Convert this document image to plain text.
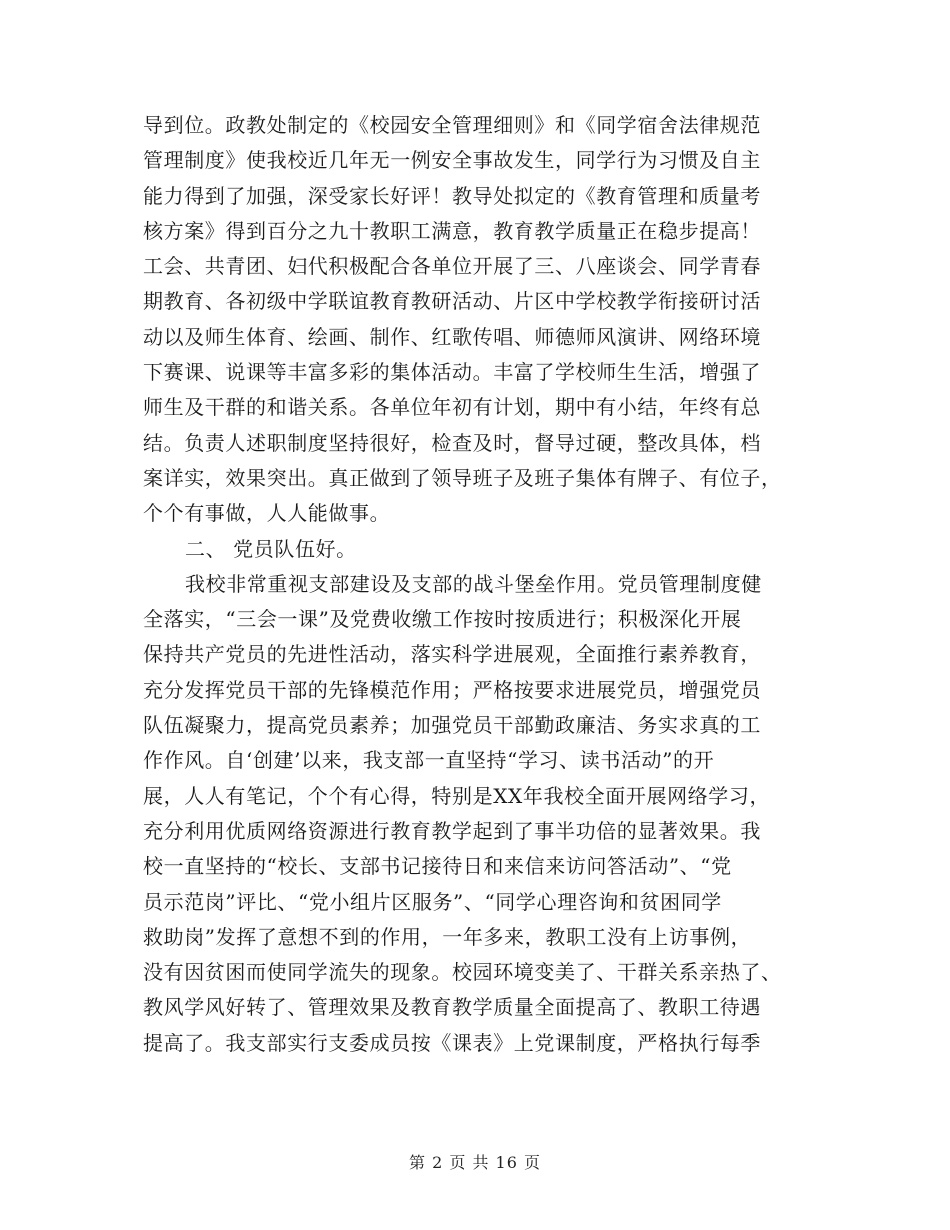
导到位。政教处制定的《校园安全管理细则》和《同学宿舍法律规范
管理制度》使我校近几年无一例安全事故发生，同学行为习惯及自主
能力得到了加强，深受家长好评！教导处拟定的《教育管理和质量考
核方案》得到百分之九十教职工满意，教育教学质量正在稳步提高！
工会、共青团、妇代积极配合各单位开展了三、八座谈会、同学青春
期教育、各初级中学联谊教育教研活动、片区中学校教学衔接研讨活
动以及师生体育、绘画、制作、红歌传唱、师德师风演讲、网络环境
下赛课、说课等丰富多彩的集体活动。丰富了学校师生生活，增强了
师生及干群的和谐关系。各单位年初有计划，期中有小结，年终有总
结。负责人述职制度坚持很好，检查及时，督导过硬，整改具体，档
案详实，效果突出。真正做到了领导班子及班子集体有牌子、有位子，
个个有事做，人人能做事。
二、 党员队伍好。
我校非常重视支部建设及支部的战斗堡垒作用。党员管理制度健
全落实，“三会一课”及党费收缴工作按时按质进行；积极深化开展
保持共产党员的先进性活动，落实科学进展观，全面推行素养教育，
充分发挥党员干部的先锋模范作用；严格按要求进展党员，增强党员
队伍凝聚力，提高党员素养；加强党员干部勤政廉洁、务实求真的工
作作风。自‘创建’以来，我支部一直坚持“学习、读书活动”的开
展，人人有笔记，个个有心得，特别是XX年我校全面开展网络学习，
充分利用优质网络资源进行教育教学起到了事半功倍的显著效果。我
校一直坚持的“校长、支部书记接待日和来信来访问答活动”、“党
员示范岗”评比、“党小组片区服务”、“同学心理咨询和贫困同学
救助岗”发挥了意想不到的作用，一年多来，教职工没有上访事例，
没有因贫困而使同学流失的现象。校园环境变美了、干群关系亲热了、
教风学风好转了、管理效果及教育教学质量全面提高了、教职工待遇
提高了。我支部实行支委成员按《课表》上党课制度，严格执行每季
第 2 页 共 16 页
